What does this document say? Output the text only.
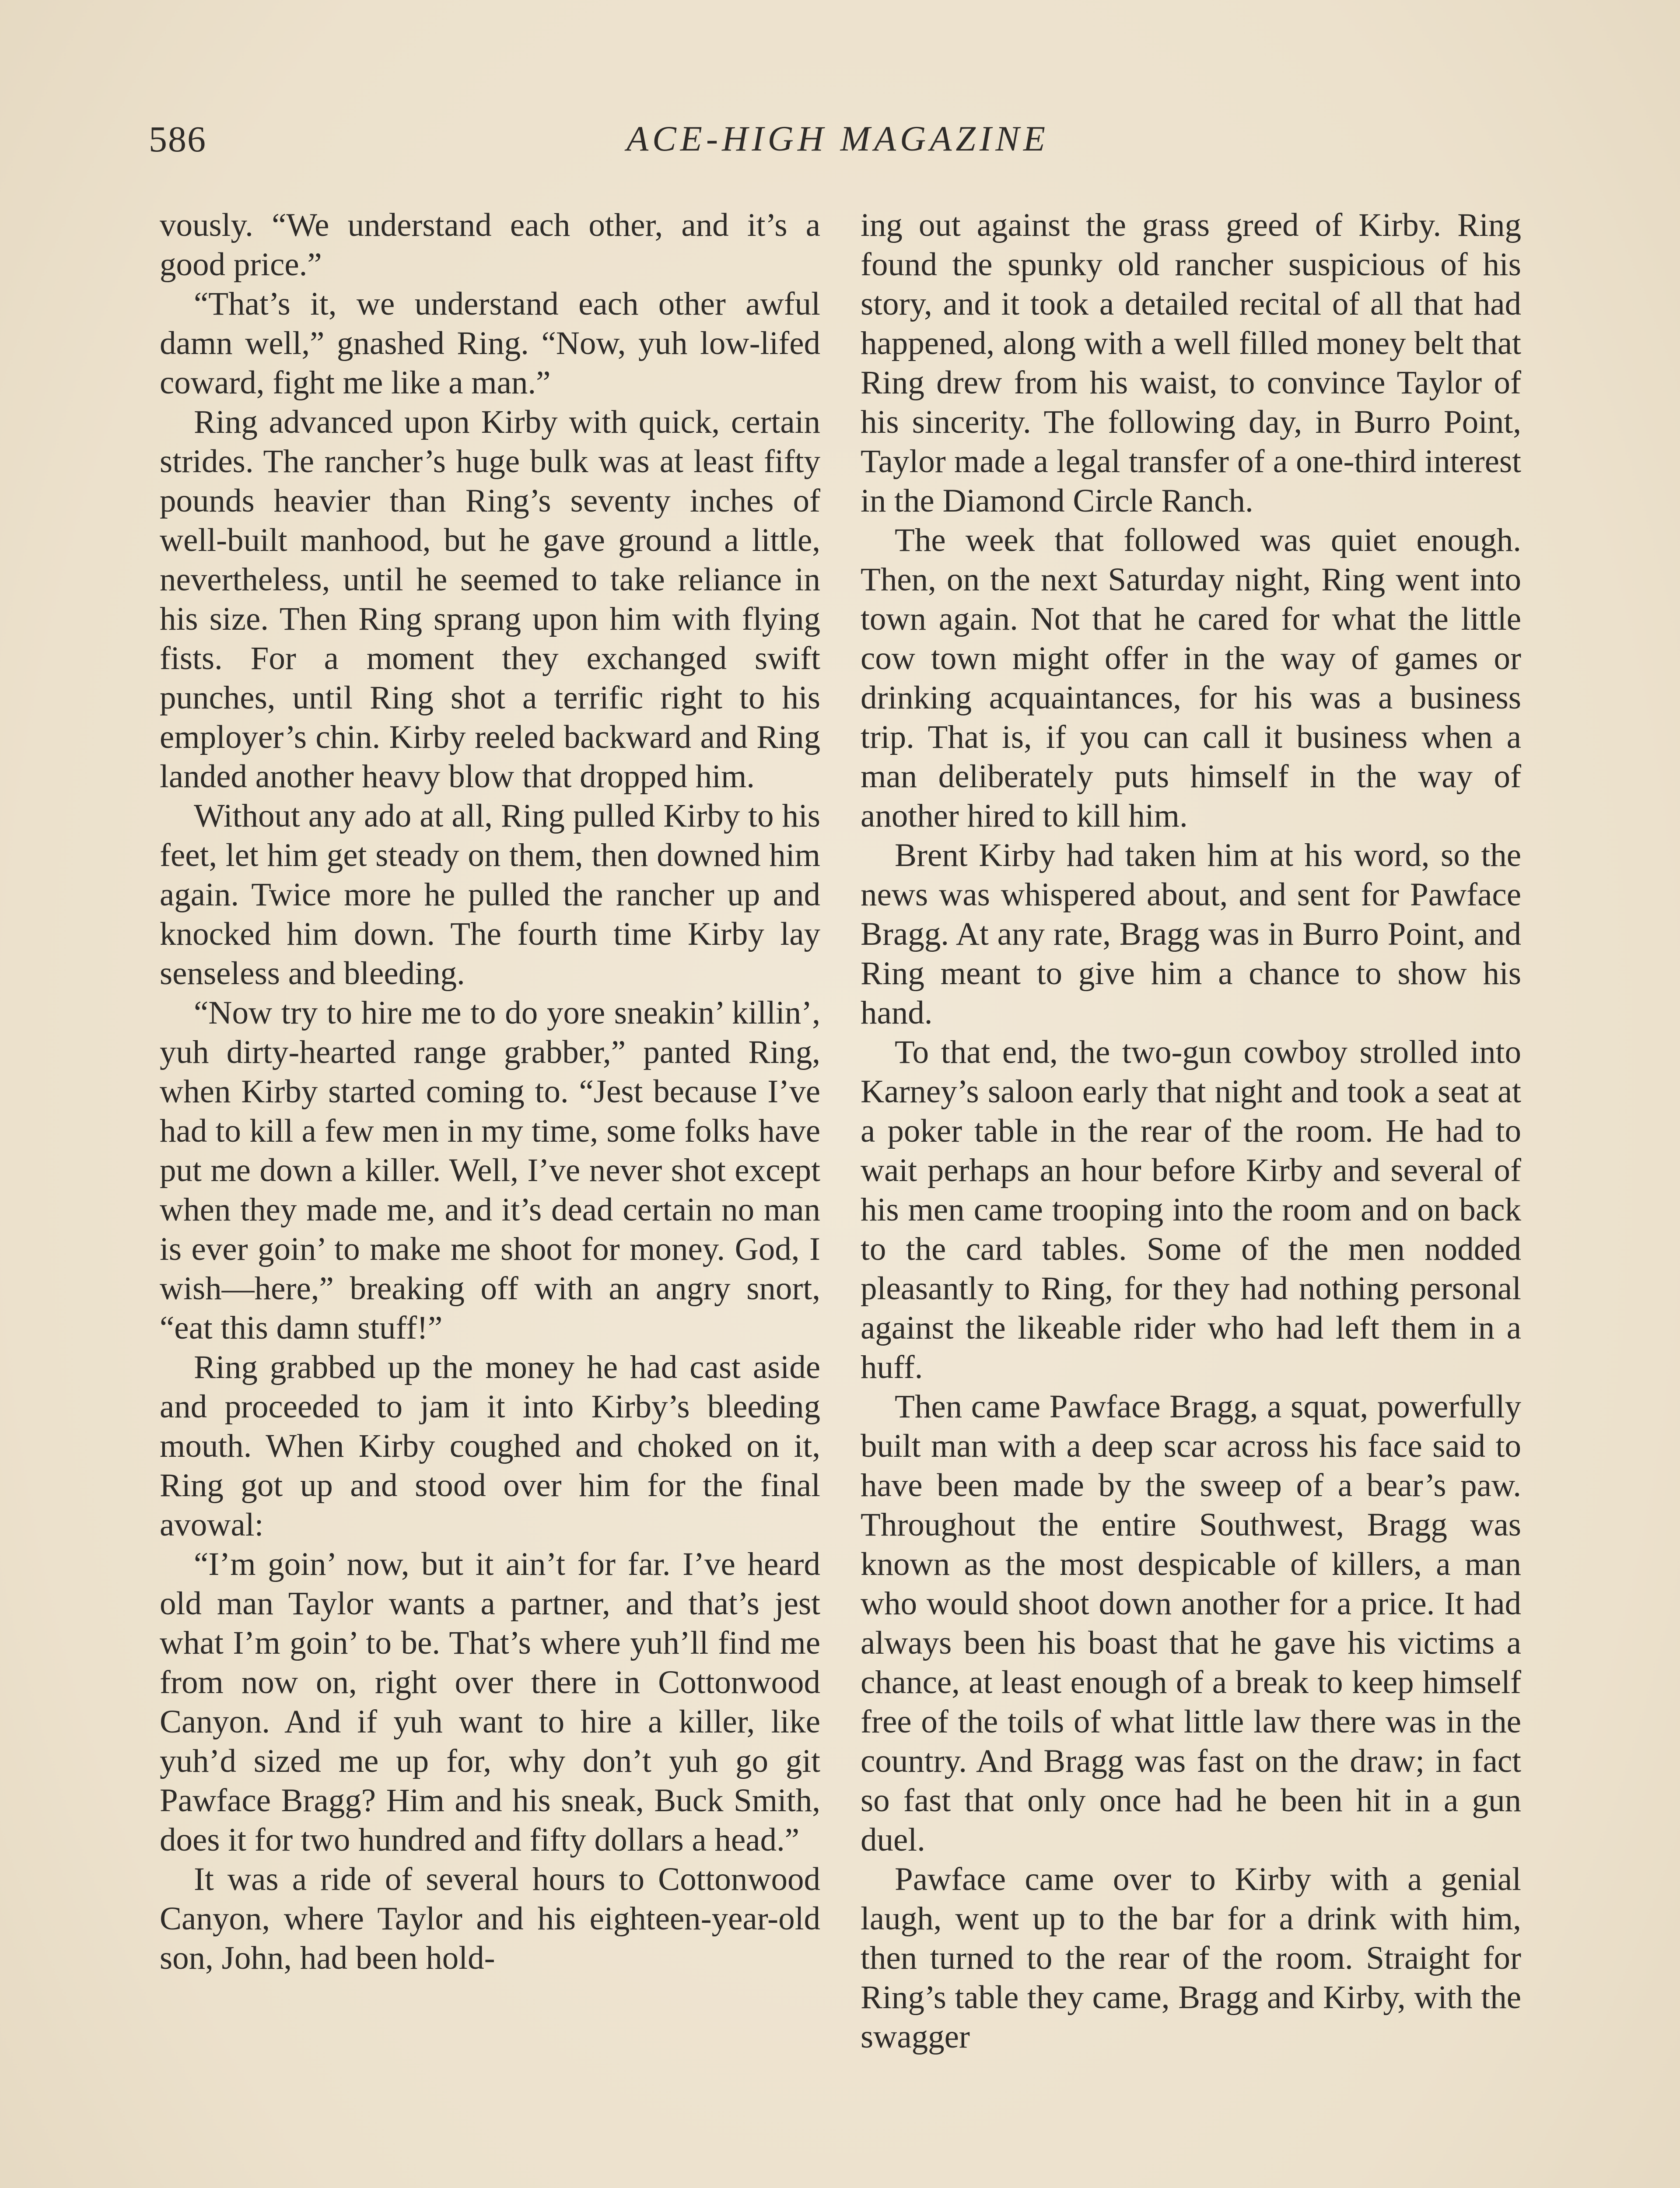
586	ACE-HIGH MAGAZINE

vously. “We understand each other, and it’s a good price.”

“That’s it, we understand each other awful damn well,” gnashed Ring. “Now, yuh low-lifed coward, fight me like a man.”

Ring advanced upon Kirby with quick, certain strides. The rancher’s huge bulk was at least fifty pounds heavier than Ring’s seventy inches of well-built manhood, but he gave ground a little, nevertheless, until he seemed to take reliance in his size. Then Ring sprang upon him with flying fists. For a moment they exchanged swift punches, until Ring shot a terrific right to his employer’s chin. Kirby reeled backward and Ring landed another heavy blow that dropped him.

Without any ado at all, Ring pulled Kirby to his feet, let him get steady on them, then downed him again. Twice more he pulled the rancher up and knocked him down. The fourth time Kirby lay senseless and bleeding.

“Now try to hire me to do yore sneakin’ killin’, yuh dirty-hearted range grabber,” panted Ring, when Kirby started coming to. “Jest because I’ve had to kill a few men in my time, some folks have put me down a killer. Well, I’ve never shot except when they made me, and it’s dead certain no man is ever goin’ to make me shoot for money. God, I wish—here,” breaking off with an angry snort, “eat this damn stuff!”

Ring grabbed up the money he had cast aside and proceeded to jam it into Kirby’s bleeding mouth. When Kirby coughed and choked on it, Ring got up and stood over him for the final avowal:

“I’m goin’ now, but it ain’t for far. I’ve heard old man Taylor wants a partner, and that’s jest what I’m goin’ to be. That’s where yuh’ll find me from now on, right over there in Cottonwood Canyon. And if yuh want to hire a killer, like yuh’d sized me up for, why don’t yuh go git Pawface Bragg? Him and his sneak, Buck Smith, does it for two hundred and fifty dollars a head.”

It was a ride of several hours to Cottonwood Canyon, where Taylor and his eighteen-year-old son, John, had been hold-

ing out against the grass greed of Kirby. Ring found the spunky old rancher suspicious of his story, and it took a detailed recital of all that had happened, along with a well filled money belt that Ring drew from his waist, to convince Taylor of his sincerity. The following day, in Burro Point, Taylor made a legal transfer of a one-third interest in the Diamond Circle Ranch.

The week that followed was quiet enough. Then, on the next Saturday night, Ring went into town again. Not that he cared for what the little cow town might offer in the way of games or drinking acquaintances, for his was a business trip. That is, if you can call it business when a man deliberately puts himself in the way of another hired to kill him.

Brent Kirby had taken him at his word, so the news was whispered about, and sent for Pawface Bragg. At any rate, Bragg was in Burro Point, and Ring meant to give him a chance to show his hand.

To that end, the two-gun cowboy strolled into Karney’s saloon early that night and took a seat at a poker table in the rear of the room. He had to wait perhaps an hour before Kirby and several of his men came trooping into the room and on back to the card tables. Some of the men nodded pleasantly to Ring, for they had nothing personal against the likeable rider who had left them in a huff.

Then came Pawface Bragg, a squat, powerfully built man with a deep scar across his face said to have been made by the sweep of a bear’s paw. Throughout the entire Southwest, Bragg was known as the most despicable of killers, a man who would shoot down another for a price. It had always been his boast that he gave his victims a chance, at least enough of a break to keep himself free of the toils of what little law there was in the country. And Bragg was fast on the draw; in fact so fast that only once had he been hit in a gun duel.

Pawface came over to Kirby with a genial laugh, went up to the bar for a drink with him, then turned to the rear of the room. Straight for Ring’s table they came, Bragg and Kirby, with the swagger
